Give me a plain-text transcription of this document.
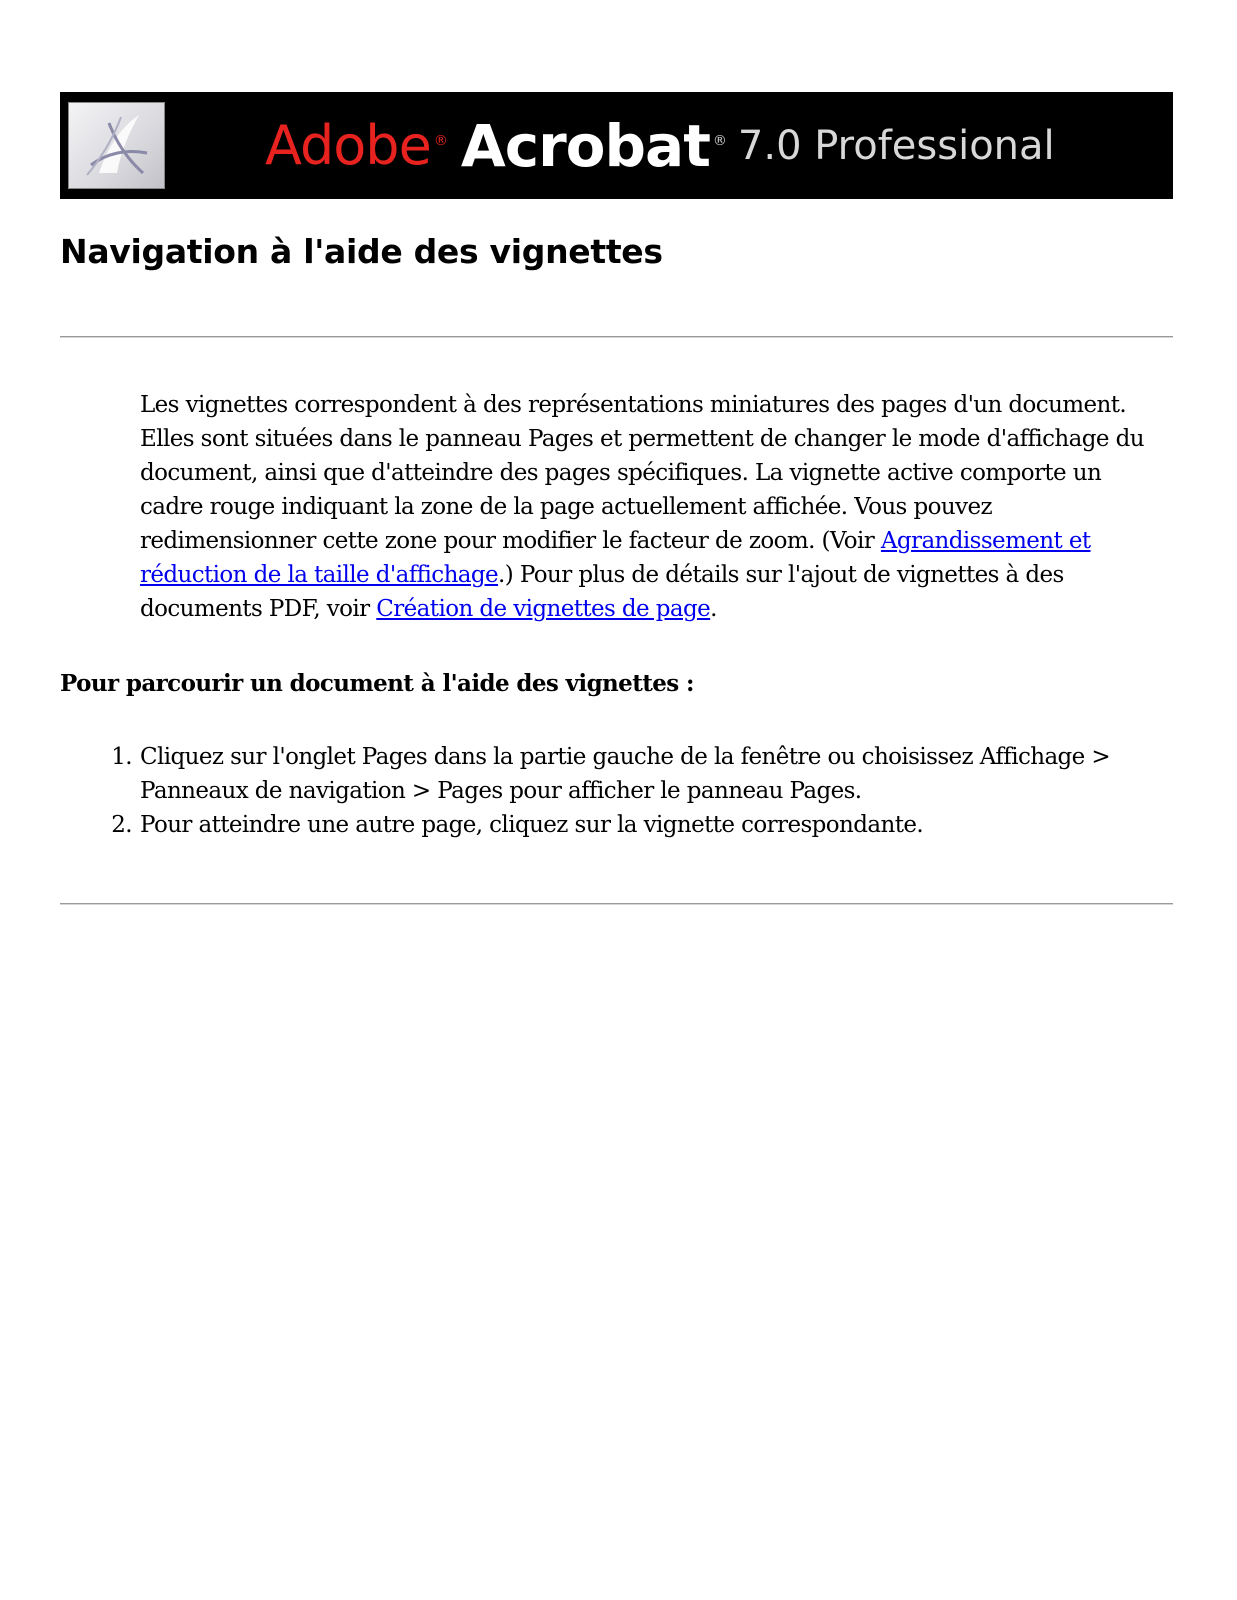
Adobe ® Acrobat ® 7.0 Professional
Navigation à l'aide des vignettes

Les vignettes correspondent à des représentations miniatures des pages d'un document. Elles sont situées dans le panneau Pages et permettent de changer le mode d'affichage du document, ainsi que d'atteindre des pages spécifiques. La vignette active comporte un cadre rouge indiquant la zone de la page actuellement affichée. Vous pouvez redimensionner cette zone pour modifier le facteur de zoom. (Voir Agrandissement et réduction de la taille d'affichage.) Pour plus de détails sur l'ajout de vignettes à des documents PDF, voir Création de vignettes de page.

Pour parcourir un document à l'aide des vignettes :

1. Cliquez sur l'onglet Pages dans la partie gauche de la fenêtre ou choisissez Affichage > Panneaux de navigation > Pages pour afficher le panneau Pages.
2. Pour atteindre une autre page, cliquez sur la vignette correspondante.
